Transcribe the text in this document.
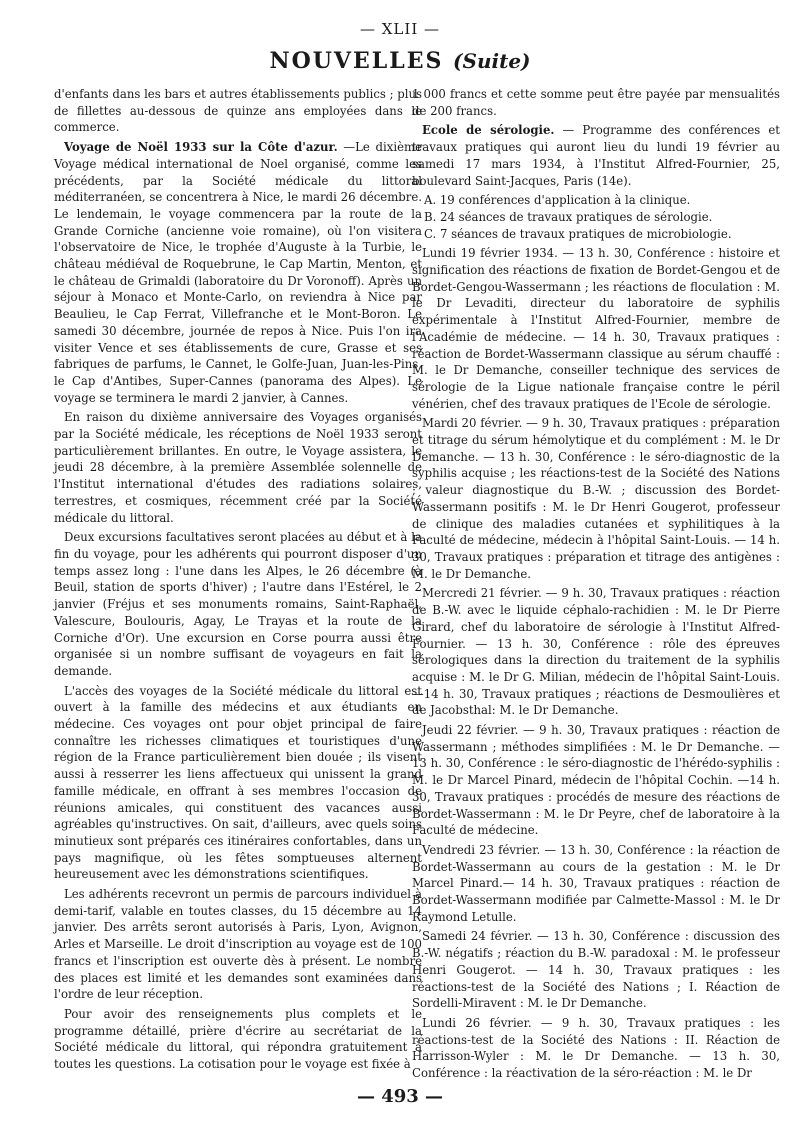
— XLII —
NOUVELLES (Suite)

d'enfants dans les bars et autres établissements publics ; plus de fillettes au-dessous de quinze ans employées dans le commerce.

Voyage de Noël 1933 sur la Côte d'azur. —Le dixième Voyage médical international de Noel organisé, comme les précédents, par la Société médicale du littoral méditerranéen, se concentrera à Nice, le mardi 26 décembre. Le lendemain, le voyage commencera par la route de la Grande Corniche (ancienne voie romaine), où l'on visitera l'observatoire de Nice, le trophée d'Auguste à la Turbie, le château médiéval de Roquebrune, le Cap Martin, Menton, et le château de Grimaldi (laboratoire du Dr Voronoff). Après un séjour à Monaco et Monte-Carlo, on reviendra à Nice par Beaulieu, le Cap Ferrat, Villefranche et le Mont-Boron. Le samedi 30 décembre, journée de repos à Nice. Puis l'on ira visiter Vence et ses établissements de cure, Grasse et ses fabriques de parfums, le Cannet, le Golfe-Juan, Juan-les-Pins, le Cap d'Antibes, Super-Cannes (panorama des Alpes). Le voyage se terminera le mardi 2 janvier, à Cannes.

En raison du dixième anniversaire des Voyages organisés par la Société médicale, les réceptions de Noël 1933 seront particulièrement brillantes. En outre, le Voyage assistera, le jeudi 28 décembre, à la première Assemblée solennelle de l'Institut international d'études des radiations solaires, terrestres, et cosmiques, récemment créé par la Société médicale du littoral.

Deux excursions facultatives seront placées au début et à la fin du voyage, pour les adhérents qui pourront disposer d'un temps assez long : l'une dans les Alpes, le 26 décembre (à Beuil, station de sports d'hiver) ; l'autre dans l'Estérel, le 2 janvier (Fréjus et ses monuments romains, Saint-Raphaël, Valescure, Boulouris, Agay, Le Trayas et la route de la Corniche d'Or). Une excursion en Corse pourra aussi être organisée si un nombre suffisant de voyageurs en fait la demande.

L'accès des voyages de la Société médicale du littoral est ouvert à la famille des médecins et aux étudiants en médecine. Ces voyages ont pour objet principal de faire connaître les richesses climatiques et touristiques d'une région de la France particulièrement bien douée ; ils visent aussi à resserrer les liens affectueux qui unissent la grand famille médicale, en offrant à ses membres l'occasion de réunions amicales, qui constituent des vacances aussi agréables qu'instructives. On sait, d'ailleurs, avec quels soins minutieux sont préparés ces itinéraires confortables, dans un pays magnifique, où les fêtes somptueuses alternent heureusement avec les démonstrations scientifiques.

Les adhérents recevront un permis de parcours individuel à demi-tarif, valable en toutes classes, du 15 décembre au 14 janvier. Des arrêts seront autorisés à Paris, Lyon, Avignon, Arles et Marseille. Le droit d'inscription au voyage est de 100 francs et l'inscription est ouverte dès à présent. Le nombre des places est limité et les demandes sont examinées dans l'ordre de leur réception.

Pour avoir des renseignements plus complets et le programme détaillé, prière d'écrire au secrétariat de la Société médicale du littoral, qui répondra gratuitement à toutes les questions. La cotisation pour le voyage est fixée à

1 000 francs et cette somme peut être payée par mensualités de 200 francs.

Ecole de sérologie. — Programme des conférences et travaux pratiques qui auront lieu du lundi 19 février au samedi 17 mars 1934, à l'Institut Alfred-Fournier, 25, boulevard Saint-Jacques, Paris (14e).

A. 19 conférences d'application à la clinique.

B. 24 séances de travaux pratiques de sérologie.

C. 7 séances de travaux pratiques de microbiologie.

Lundi 19 février 1934. — 13 h. 30, Conférence : histoire et signification des réactions de fixation de Bordet-Gengou et de Bordet-Gengou-Wassermann ; les réactions de floculation : M. le Dr Levaditi, directeur du laboratoire de syphilis expérimentale à l'Institut Alfred-Fournier, membre de l'Académie de médecine. — 14 h. 30, Travaux pratiques : réaction de Bordet-Wassermann classique au sérum chauffé : M. le Dr Demanche, conseiller technique des services de sérologie de la Ligue nationale française contre le péril vénérien, chef des travaux pratiques de l'Ecole de sérologie.

Mardi 20 février. — 9 h. 30, Travaux pratiques : préparation et titrage du sérum hémolytique et du complément : M. le Dr Demanche. — 13 h. 30, Conférence : le séro-diagnostic de la syphilis acquise ; les réactions-test de la Société des Nations ; valeur diagnostique du B.-W. ; discussion des Bordet-Wassermann positifs : M. le Dr Henri Gougerot, professeur de clinique des maladies cutanées et syphilitiques à la Faculté de médecine, médecin à l'hôpital Saint-Louis. — 14 h. 30, Travaux pratiques : préparation et titrage des antigènes : M. le Dr Demanche.

Mercredi 21 février. — 9 h. 30, Travaux pratiques : réaction de B.-W. avec le liquide céphalo-rachidien : M. le Dr Pierre Girard, chef du laboratoire de sérologie à l'Institut Alfred-Fournier. — 13 h. 30, Conférence : rôle des épreuves sérologiques dans la direction du traitement de la syphilis acquise : M. le Dr G. Milian, médecin de l'hôpital Saint-Louis. —14 h. 30, Travaux pratiques ; réactions de Desmoulières et de Jacobsthal: M. le Dr Demanche.

Jeudi 22 février. — 9 h. 30, Travaux pratiques : réaction de Wassermann ; méthodes simplifiées : M. le Dr Demanche. —13 h. 30, Conférence : le séro-diagnostic de l'hérédo-syphilis : M. le Dr Marcel Pinard, médecin de l'hôpital Cochin. —14 h. 30, Travaux pratiques : procédés de mesure des réactions de Bordet-Wassermann : M. le Dr Peyre, chef de laboratoire à la Faculté de médecine.

Vendredi 23 février. — 13 h. 30, Conférence : la réaction de Bordet-Wassermann au cours de la gestation : M. le Dr Marcel Pinard.— 14 h. 30, Travaux pratiques : réaction de Bordet-Wassermann modifiée par Calmette-Massol : M. le Dr Raymond Letulle.

Samedi 24 février. — 13 h. 30, Conférence : discussion des B.-W. négatifs ; réaction du B.-W. paradoxal : M. le professeur Henri Gougerot. — 14 h. 30, Travaux pratiques : les réactions-test de la Société des Nations ; I. Réaction de Sordelli-Miravent : M. le Dr Demanche.

Lundi 26 février. — 9 h. 30, Travaux pratiques : les réactions-test de la Société des Nations : II. Réaction de Harrisson-Wyler : M. le Dr Demanche. — 13 h. 30, Conférence : la réactivation de la séro-réaction : M. le Dr

— 493 —
